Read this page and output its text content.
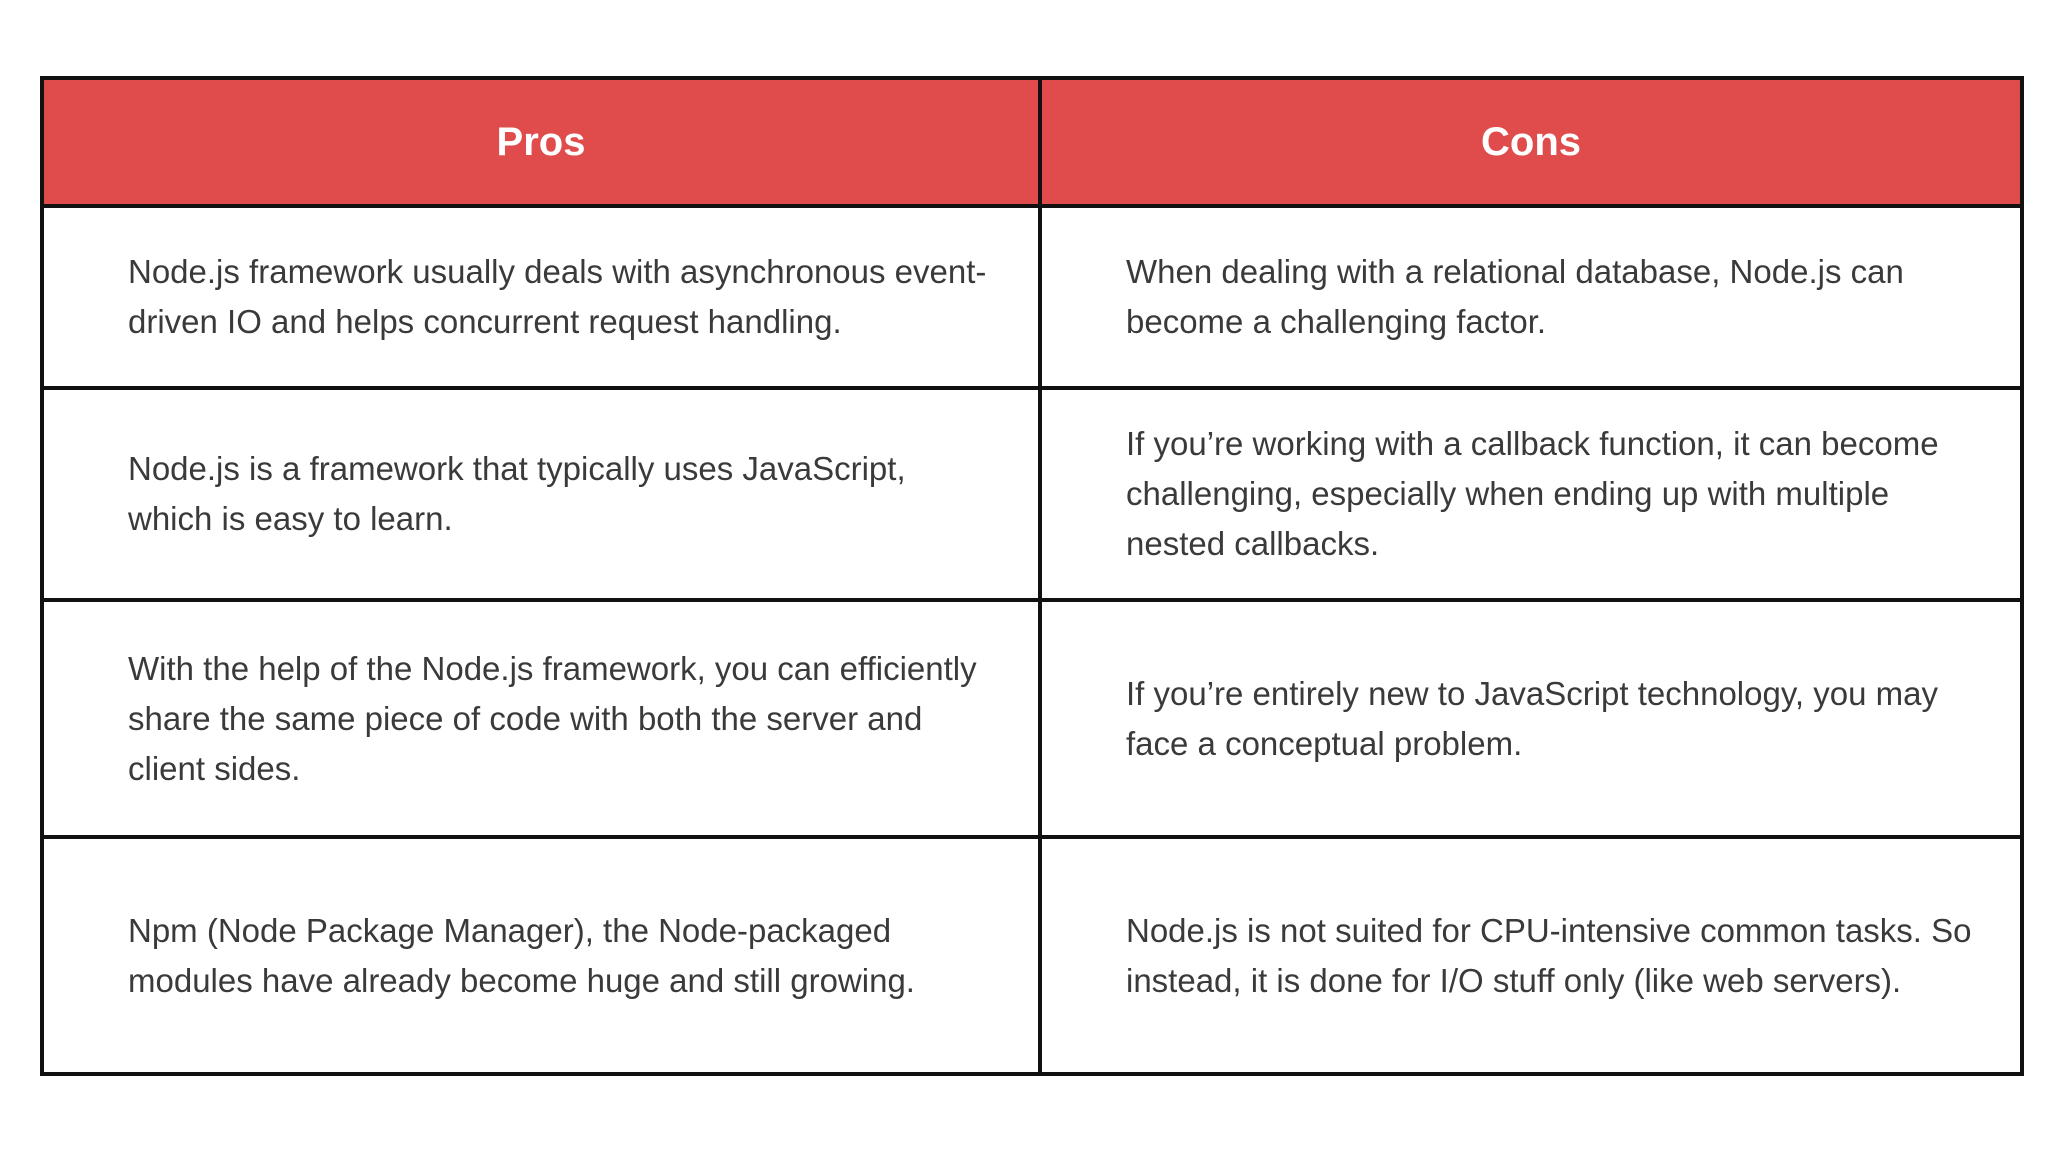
Pros	Cons
Node.js framework usually deals with asynchronous event-driven IO and helps concurrent request handling.	When dealing with a relational database, Node.js can become a challenging factor.
Node.js is a framework that typically uses JavaScript, which is easy to learn.	If you’re working with a callback function, it can become challenging, especially when ending up with multiple nested callbacks.
With the help of the Node.js framework, you can efficiently share the same piece of code with both the server and client sides.	If you’re entirely new to JavaScript technology, you may face a conceptual problem.
Npm (Node Package Manager), the Node-packaged modules have already become huge and still growing.	Node.js is not suited for CPU-intensive common tasks. So instead, it is done for I/O stuff only (like web servers).
